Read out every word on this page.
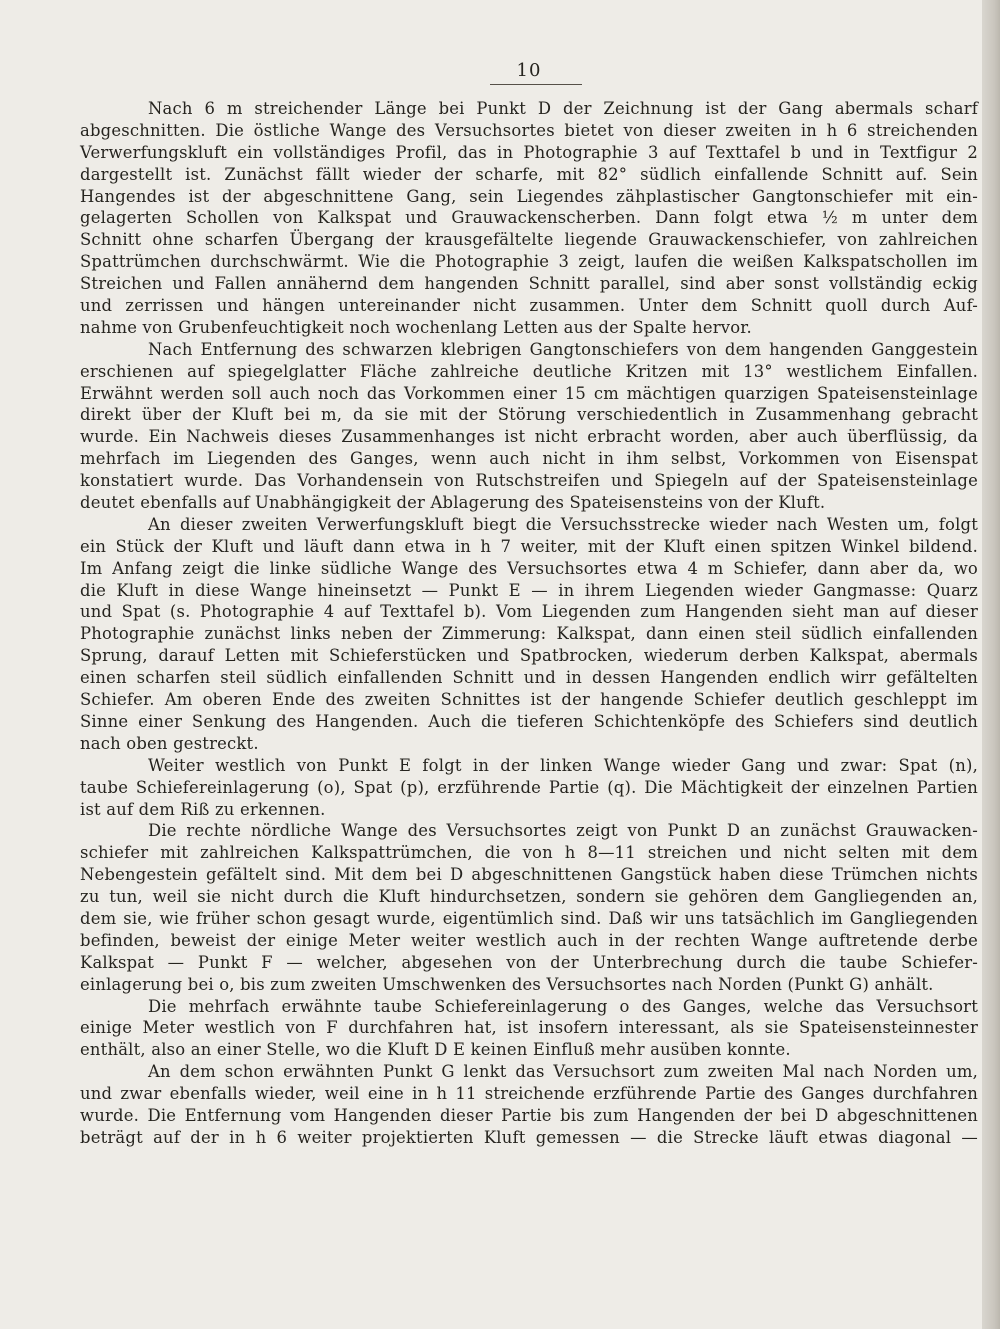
10
Nach 6 m streichender Länge bei Punkt D der Zeichnung ist der Gang abermals scharf
abgeschnitten. Die östliche Wange des Versuchsortes bietet von dieser zweiten in h 6 streichenden
Verwerfungskluft ein vollständiges Profil, das in Photographie 3 auf Texttafel b und in Textfigur 2
dargestellt ist. Zunächst fällt wieder der scharfe, mit 82° südlich einfallende Schnitt auf. Sein
Hangendes ist der abgeschnittene Gang, sein Liegendes zähplastischer Gangtonschiefer mit ein-
gelagerten Schollen von Kalkspat und Grauwackenscherben. Dann folgt etwa ½ m unter dem
Schnitt ohne scharfen Übergang der krausgefältelte liegende Grauwackenschiefer, von zahlreichen
Spattrümchen durchschwärmt. Wie die Photographie 3 zeigt, laufen die weißen Kalkspatschollen im
Streichen und Fallen annähernd dem hangenden Schnitt parallel, sind aber sonst vollständig eckig
und zerrissen und hängen untereinander nicht zusammen. Unter dem Schnitt quoll durch Auf-
nahme von Grubenfeuchtigkeit noch wochenlang Letten aus der Spalte hervor.
Nach Entfernung des schwarzen klebrigen Gangtonschiefers von dem hangenden Ganggestein
erschienen auf spiegelglatter Fläche zahlreiche deutliche Kritzen mit 13° westlichem Einfallen.
Erwähnt werden soll auch noch das Vorkommen einer 15 cm mächtigen quarzigen Spateisensteinlage
direkt über der Kluft bei m, da sie mit der Störung verschiedentlich in Zusammenhang gebracht
wurde. Ein Nachweis dieses Zusammenhanges ist nicht erbracht worden, aber auch überflüssig, da
mehrfach im Liegenden des Ganges, wenn auch nicht in ihm selbst, Vorkommen von Eisenspat
konstatiert wurde. Das Vorhandensein von Rutschstreifen und Spiegeln auf der Spateisensteinlage
deutet ebenfalls auf Unabhängigkeit der Ablagerung des Spateisensteins von der Kluft.
An dieser zweiten Verwerfungskluft biegt die Versuchsstrecke wieder nach Westen um, folgt
ein Stück der Kluft und läuft dann etwa in h 7 weiter, mit der Kluft einen spitzen Winkel bildend.
Im Anfang zeigt die linke südliche Wange des Versuchsortes etwa 4 m Schiefer, dann aber da, wo
die Kluft in diese Wange hineinsetzt — Punkt E — in ihrem Liegenden wieder Gangmasse: Quarz
und Spat (s. Photographie 4 auf Texttafel b). Vom Liegenden zum Hangenden sieht man auf dieser
Photographie zunächst links neben der Zimmerung: Kalkspat, dann einen steil südlich einfallenden
Sprung, darauf Letten mit Schieferstücken und Spatbrocken, wiederum derben Kalkspat, abermals
einen scharfen steil südlich einfallenden Schnitt und in dessen Hangenden endlich wirr gefältelten
Schiefer. Am oberen Ende des zweiten Schnittes ist der hangende Schiefer deutlich geschleppt im
Sinne einer Senkung des Hangenden. Auch die tieferen Schichtenköpfe des Schiefers sind deutlich
nach oben gestreckt.
Weiter westlich von Punkt E folgt in der linken Wange wieder Gang und zwar: Spat (n),
taube Schiefereinlagerung (o), Spat (p), erzführende Partie (q). Die Mächtigkeit der einzelnen Partien
ist auf dem Riß zu erkennen.
Die rechte nördliche Wange des Versuchsortes zeigt von Punkt D an zunächst Grauwacken-
schiefer mit zahlreichen Kalkspattrümchen, die von h 8—11 streichen und nicht selten mit dem
Nebengestein gefältelt sind. Mit dem bei D abgeschnittenen Gangstück haben diese Trümchen nichts
zu tun, weil sie nicht durch die Kluft hindurchsetzen, sondern sie gehören dem Gangliegenden an,
dem sie, wie früher schon gesagt wurde, eigentümlich sind. Daß wir uns tatsächlich im Gangliegenden
befinden, beweist der einige Meter weiter westlich auch in der rechten Wange auftretende derbe
Kalkspat — Punkt F — welcher, abgesehen von der Unterbrechung durch die taube Schiefer-
einlagerung bei o, bis zum zweiten Umschwenken des Versuchsortes nach Norden (Punkt G) anhält.
Die mehrfach erwähnte taube Schiefereinlagerung o des Ganges, welche das Versuchsort
einige Meter westlich von F durchfahren hat, ist insofern interessant, als sie Spateisensteinnester
enthält, also an einer Stelle, wo die Kluft D E keinen Einfluß mehr ausüben konnte.
An dem schon erwähnten Punkt G lenkt das Versuchsort zum zweiten Mal nach Norden um,
und zwar ebenfalls wieder, weil eine in h 11 streichende erzführende Partie des Ganges durchfahren
wurde. Die Entfernung vom Hangenden dieser Partie bis zum Hangenden der bei D abgeschnittenen
beträgt auf der in h 6 weiter projektierten Kluft gemessen — die Strecke läuft etwas diagonal —
